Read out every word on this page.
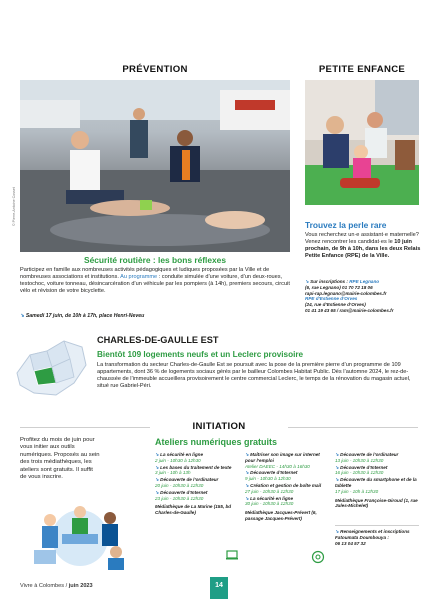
PRÉVENTION
© Pierre-Antoine Cosset
Sécurité routière : les bons réflexes
Participez en famille aux nombreuses activités pédagogiques et ludiques proposées par la Ville et de nombreuses associations et institutions. Au programme : conduite simulée d’une voiture, d’un deux-roues, testochoc, voiture tonneau, désincarcération d’un véhicule par les pompiers (à 14h), premiers secours, circuit vélo et révision de votre bicyclette.
➘ Samedi 17 juin, de 10h à 17h, place Henri-Neveu
PETITE ENFANCE
Trouvez la perle rare
Vous recherchez un·e assistant·e maternelle? Venez rencontrer les candidat·es le 10 juin prochain, de 9h à 10h, dans les deux Relais Petite Enfance (RPE) de la Ville.
➘ Sur inscriptions : RPE Legnano
(6, rue Legnano) 01 70 72 18 06
rapi-rap.legnano@mairie-colombes.fr
RPE d’Estienne d’Orves
(24, rue d’Estienne d’Orves)
01 41 19 43 65 / ram@mairie-colombes.fr
CHARLES-DE-GAULLE EST
Bientôt 109 logements neufs et un Leclerc provisoire
La transformation du secteur Charles-de-Gaulle Est se poursuit avec la pose de la première pierre d’un programme de 109 appartements, dont 36 % de logements sociaux gérés par le bailleur Colombes Habitat Public. Dès l’automne 2024, le rez-de-chaussée de l’immeuble accueillera provisoirement le centre commercial Leclerc, le temps de la rénovation du magasin actuel, situé rue Gabriel-Péri.
INITIATION
Profitez du mois de juin pour vous initier aux outils numériques. Proposés au sein des trois médiathèques, les ateliers sont gratuits. Il suffit de vous inscrire.
Ateliers numériques gratuits
➘ La sécurité en ligne
2 juin - 10h30 à 12h30
➘ Les bases du traitement de texte
3 juin - 10h à 13h
➘ Découverte de l’ordinateur
20 juin - 10h30 à 12h30
➘ Découverte d’Internet
23 juin - 10h30 à 12h30
Médiathèque de La Marine (155, bd Charles-de-Gaulle)
➘ Maîtriser son image sur internet pour l’emploi
Atelier DAEEC - 14h30 à 16h30
➘ Découverte d’Internet
9 juin - 10h30 à 12h30
➘ Création et gestion de boîte mail
27 juin - 10h30 à 12h30
➘ La sécurité en ligne
30 juin - 10h30 à 12h30
Médiathèque Jacques-Prévert (6, passage Jacques-Prévert)
➘ Découverte de l’ordinateur
13 juin - 10h30 à 12h30
➘ Découverte d’Internet
16 juin - 10h30 à 12h30
➘ Découverte du smartphone et de la tablette
17 juin - 10h à 12h30
Médiathèque Françoise-Giroud (1, rue Jules-Michelet)
➘ Renseignements et inscriptions
Fatoumata Doumbouya :
06 13 04 57 32
Vivre à Colombes / juin 2023	14
